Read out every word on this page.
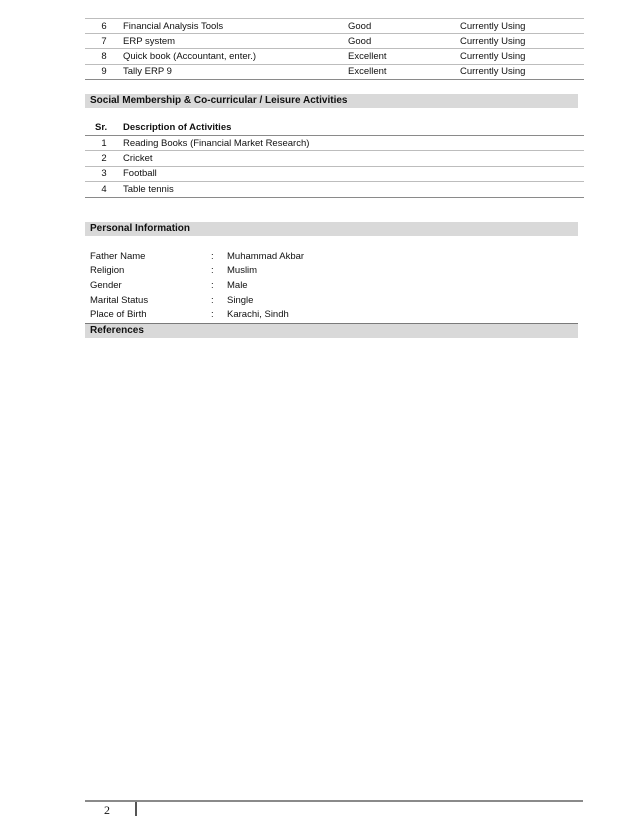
6	Financial Analysis Tools	Good	Currently Using
7	ERP system	Good	Currently Using
8	Quick book (Accountant, enter.)	Excellent	Currently Using
9	Tally ERP 9	Excellent	Currently Using
Social Membership & Co-curricular / Leisure Activities
Sr. Description of Activities
1	Reading Books (Financial Market Research)
2	Cricket
3	Football
4	Table tennis
Personal Information
Father Name	: Muhammad Akbar
Religion	: Muslim
Gender	: Male
Marital Status	: Single
Place of Birth	: Karachi, Sindh
References
2
